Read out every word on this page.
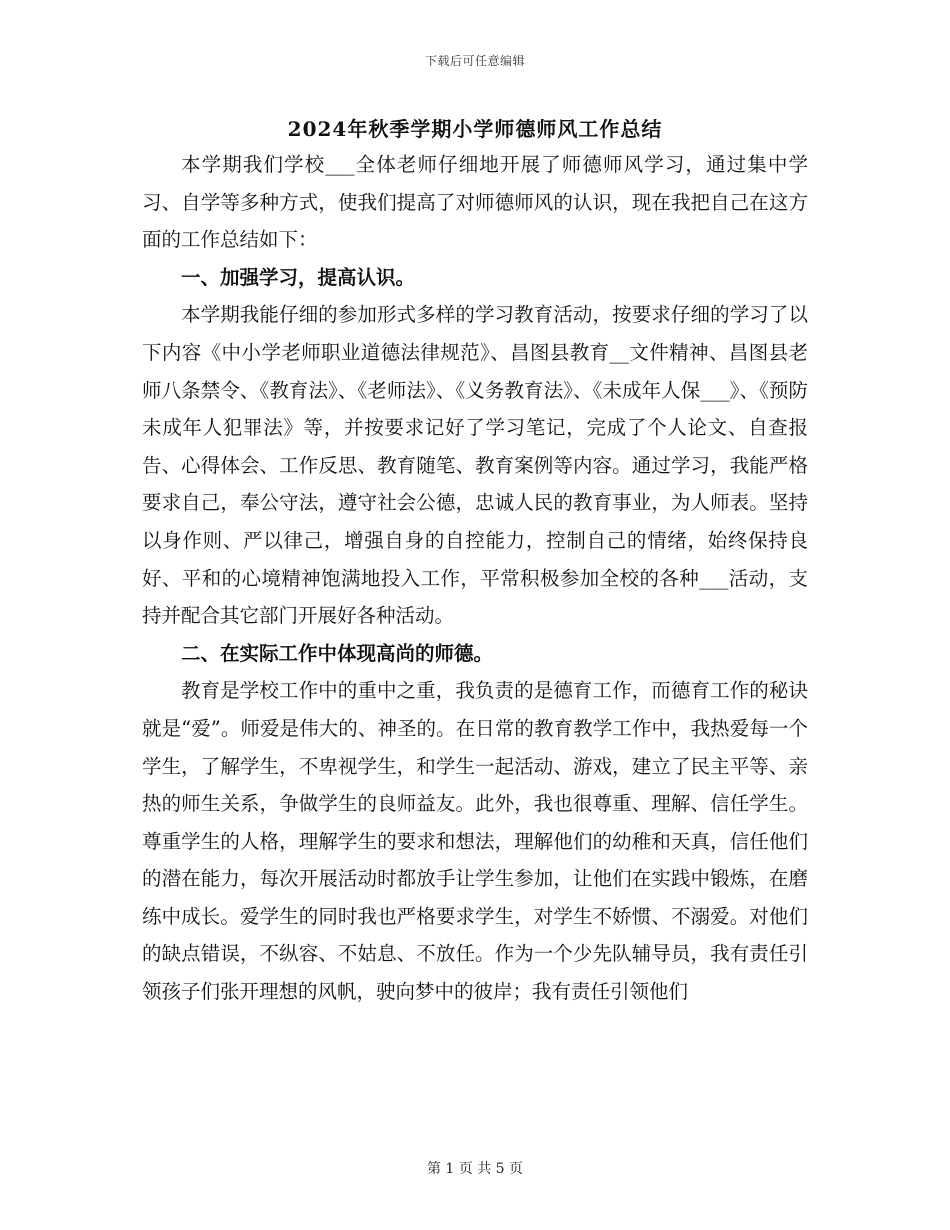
下载后可任意编辑
2024年秋季学期小学师德师风工作总结

本学期我们学校___全体老师仔细地开展了师德师风学习，通过集中学习、自学等多种方式，使我们提高了对师德师风的认识，现在我把自己在这方面的工作总结如下：

一、加强学习，提高认识。

本学期我能仔细的参加形式多样的学习教育活动，按要求仔细的学习了以下内容《中小学老师职业道德法律规范》、昌图县教育__文件精神、昌图县老师八条禁令、《教育法》、《老师法》、《义务教育法》、《未成年人保___》、《预防未成年人犯罪法》等，并按要求记好了学习笔记，完成了个人论文、自查报告、心得体会、工作反思、教育随笔、教育案例等内容。通过学习，我能严格要求自己，奉公守法，遵守社会公德，忠诚人民的教育事业，为人师表。坚持以身作则、严以律己，增强自身的自控能力，控制自己的情绪，始终保持良好、平和的心境精神饱满地投入工作，平常积极参加全校的各种___活动，支持并配合其它部门开展好各种活动。

二、在实际工作中体现高尚的师德。

教育是学校工作中的重中之重，我负责的是德育工作，而德育工作的秘诀就是“爱”。师爱是伟大的、神圣的。在日常的教育教学工作中，我热爱每一个学生，了解学生，不卑视学生，和学生一起活动、游戏，建立了民主平等、亲热的师生关系，争做学生的良师益友。此外，我也很尊重、理解、信任学生。尊重学生的人格，理解学生的要求和想法，理解他们的幼稚和天真，信任他们的潜在能力，每次开展活动时都放手让学生参加，让他们在实践中锻炼，在磨练中成长。爱学生的同时我也严格要求学生，对学生不娇惯、不溺爱。对他们的缺点错误，不纵容、不姑息、不放任。作为一个少先队辅导员，我有责任引领孩子们张开理想的风帆，驶向梦中的彼岸；我有责任引领他们

第 1 页 共 5 页
